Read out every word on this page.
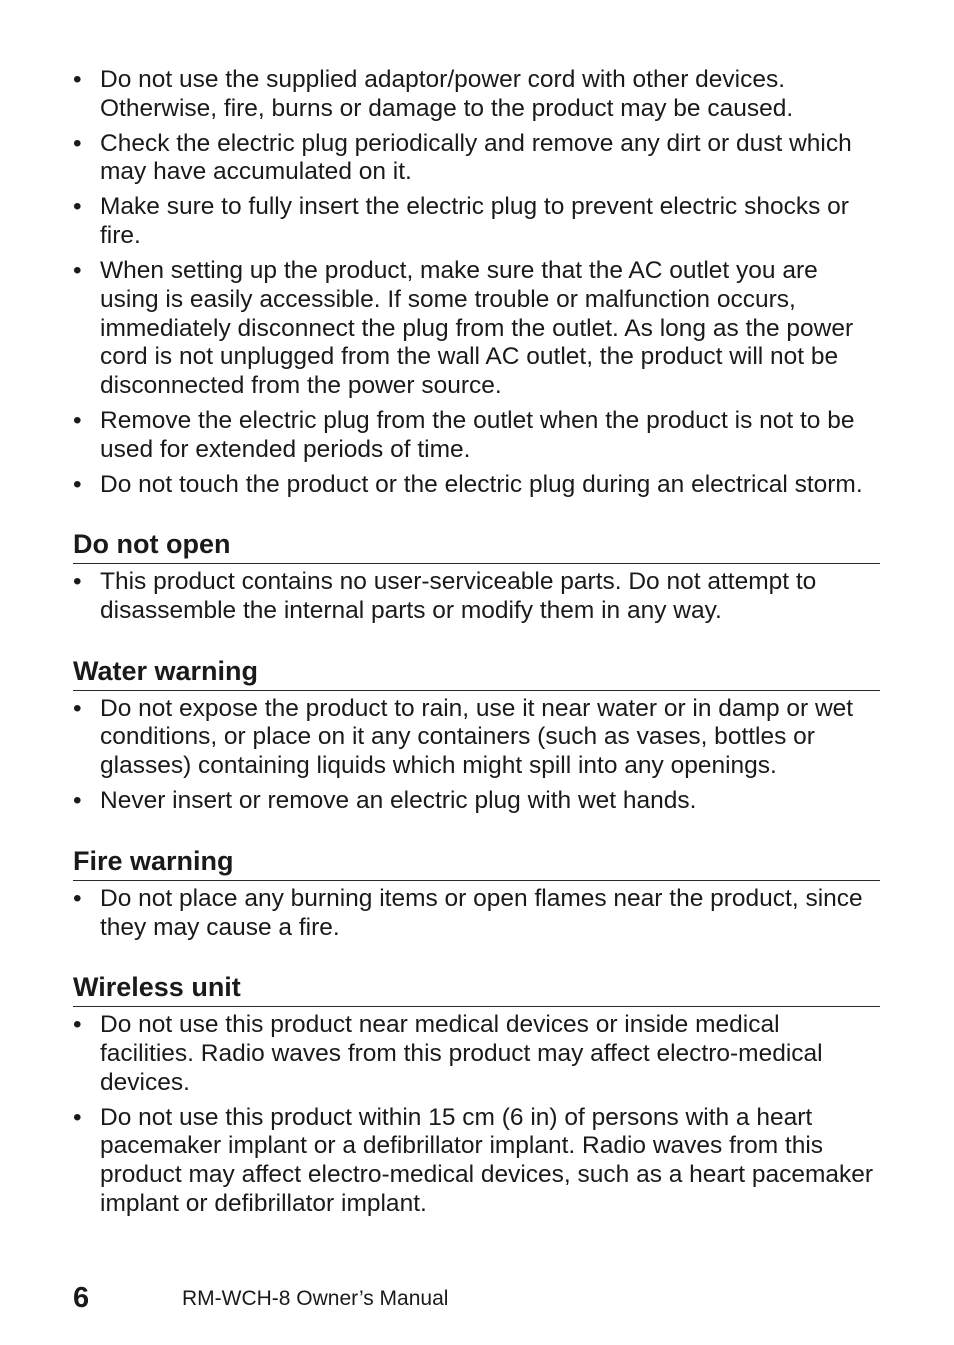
• Do not use the supplied adaptor/power cord with other devices. Otherwise, fire, burns or damage to the product may be caused.
• Check the electric plug periodically and remove any dirt or dust which may have accumulated on it.
• Make sure to fully insert the electric plug to prevent electric shocks or fire.
• When setting up the product, make sure that the AC outlet you are using is easily accessible. If some trouble or malfunction occurs, immediately disconnect the plug from the outlet. As long as the power cord is not unplugged from the wall AC outlet, the product will not be disconnected from the power source.
• Remove the electric plug from the outlet when the product is not to be used for extended periods of time.
• Do not touch the product or the electric plug during an electrical storm.
Do not open
• This product contains no user-serviceable parts. Do not attempt to disassemble the internal parts or modify them in any way.
Water warning
• Do not expose the product to rain, use it near water or in damp or wet conditions, or place on it any containers (such as vases, bottles or glasses) containing liquids which might spill into any openings.
• Never insert or remove an electric plug with wet hands.
Fire warning
• Do not place any burning items or open flames near the product, since they may cause a fire.
Wireless unit
• Do not use this product near medical devices or inside medical facilities. Radio waves from this product may affect electro-medical devices.
• Do not use this product within 15 cm (6 in) of persons with a heart pacemaker implant or a defibrillator implant. Radio waves from this product may affect electro-medical devices, such as a heart pacemaker implant or defibrillator implant.
6	RM-WCH-8 Owner’s Manual
